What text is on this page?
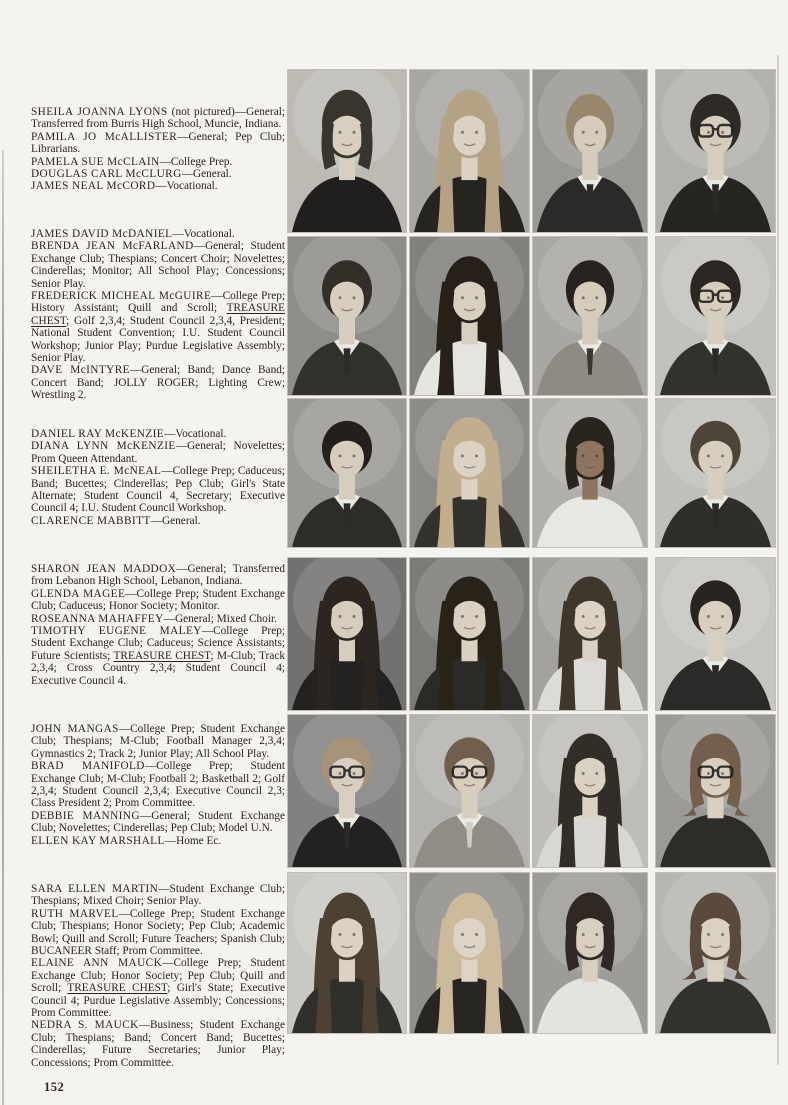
SHEILA JOANNA LYONS (not pictured)—General; Transferred from Burris High School, Muncie, Indiana.

PAMILA JO McALLISTER—General; Pep Club; Librarians.

PAMELA SUE McCLAIN—College Prep.

DOUGLAS CARL McCLURG—General.

JAMES NEAL McCORD—Vocational.

JAMES DAVID McDANIEL—Vocational.

BRENDA JEAN McFARLAND—General; Student Exchange Club; Thespians; Concert Choir; Novelettes; Cinderellas; Monitor; All School Play; Concessions; Senior Play.

FREDERICK MICHEAL McGUIRE—College Prep; History Assistant; Quill and Scroll; TREASURE CHEST; Golf 2,3,4; Student Council 2,3,4, President; National Student Convention; I.U. Student Council Workshop; Junior Play; Purdue Legislative Assembly; Senior Play.

DAVE McINTYRE—General; Band; Dance Band; Concert Band; JOLLY ROGER; Lighting Crew; Wrestling 2.

DANIEL RAY McKENZIE—Vocational.

DIANA LYNN McKENZIE—General; Novelettes; Prom Queen Attendant.

SHEILETHA E. McNEAL—College Prep; Caduceus; Band; Bucettes; Cinderellas; Pep Club; Girl's State Alternate; Student Council 4, Secretary; Executive Council 4; I.U. Student Council Workshop.

CLARENCE MABBITT—General.

SHARON JEAN MADDOX—General; Transferred from Lebanon High School, Lebanon, Indiana.

GLENDA MAGEE—College Prep; Student Exchange Club; Caduceus; Honor Society; Monitor.

ROSEANNA MAHAFFEY—General; Mixed Choir.

TIMOTHY EUGENE MALEY—College Prep; Student Exchange Club; Caduceus; Science Assistants; Future Scientists; TREASURE CHEST; M-Club; Track 2,3,4; Cross Country 2,3,4; Student Council 4; Executive Council 4.

JOHN MANGAS—College Prep; Student Exchange Club; Thespians; M-Club; Football Manager 2,3,4; Gymnastics 2; Track 2; Junior Play; All School Play.

BRAD MANIFOLD—College Prep; Student Exchange Club; M-Club; Football 2; Basketball 2; Golf 2,3,4; Student Council 2,3,4; Executive Council 2,3; Class President 2; Prom Committee.

DEBBIE MANNING—General; Student Exchange Club; Novelettes; Cinderellas; Pep Club; Model U.N.

ELLEN KAY MARSHALL—Home Ec.

SARA ELLEN MARTIN—Student Exchange Club; Thespians; Mixed Choir; Senior Play.

RUTH MARVEL—College Prep; Student Exchange Club; Thespians; Honor Society; Pep Club; Academic Bowl; Quill and Scroll; Future Teachers; Spanish Club; BUCANEER Staff; Prom Committee.

ELAINE ANN MAUCK—College Prep; Student Exchange Club; Honor Society; Pep Club; Quill and Scroll; TREASURE CHEST; Girl's State; Executive Council 4; Purdue Legislative Assembly; Concessions; Prom Committee.

NEDRA S. MAUCK—Business; Student Exchange Club; Thespians; Band; Concert Band; Bucettes; Cinderellas; Future Secretaries; Junior Play; Concessions; Prom Committee.

152
